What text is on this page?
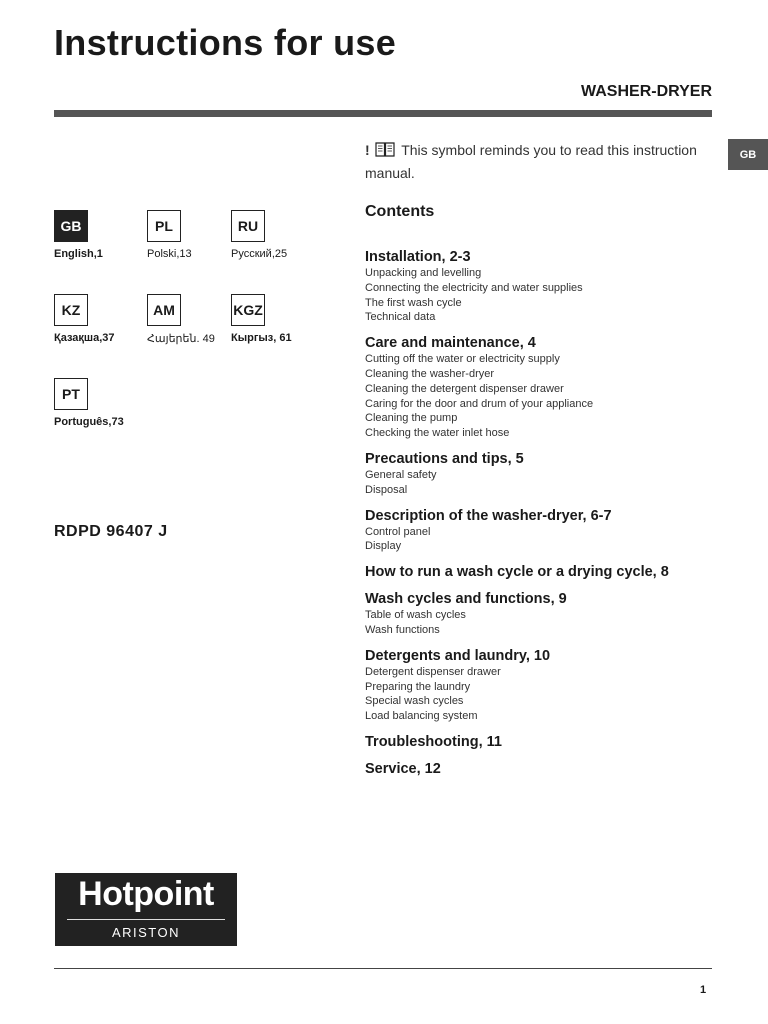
Instructions for use
WASHER-DRYER
GB
! This symbol reminds you to read this instruction manual.
GB
English,1
PL
Polski,13
RU
Русский,25
KZ
Қазақша,37
AM
Հայերեն. 49
KGZ
Кыргыз, 61
PT
Português,73
RDPD 96407 J
Contents
Installation, 2-3
Unpacking and levelling
Connecting the electricity and water supplies
The first wash cycle
Technical data
Care and maintenance, 4
Cutting off the water or electricity supply
Cleaning the washer-dryer
Cleaning the detergent dispenser drawer
Caring for the door and drum of your appliance
Cleaning the pump
Checking the water inlet hose
Precautions and tips, 5
General safety
Disposal
Description of the washer-dryer, 6-7
Control panel
Display
How to run a wash cycle or a drying cycle, 8
Wash cycles and functions, 9
Table of wash cycles
Wash functions
Detergents and laundry, 10
Detergent dispenser drawer
Preparing the laundry
Special wash cycles
Load balancing system
Troubleshooting, 11
Service, 12
Hotpoint
ARISTON
1
